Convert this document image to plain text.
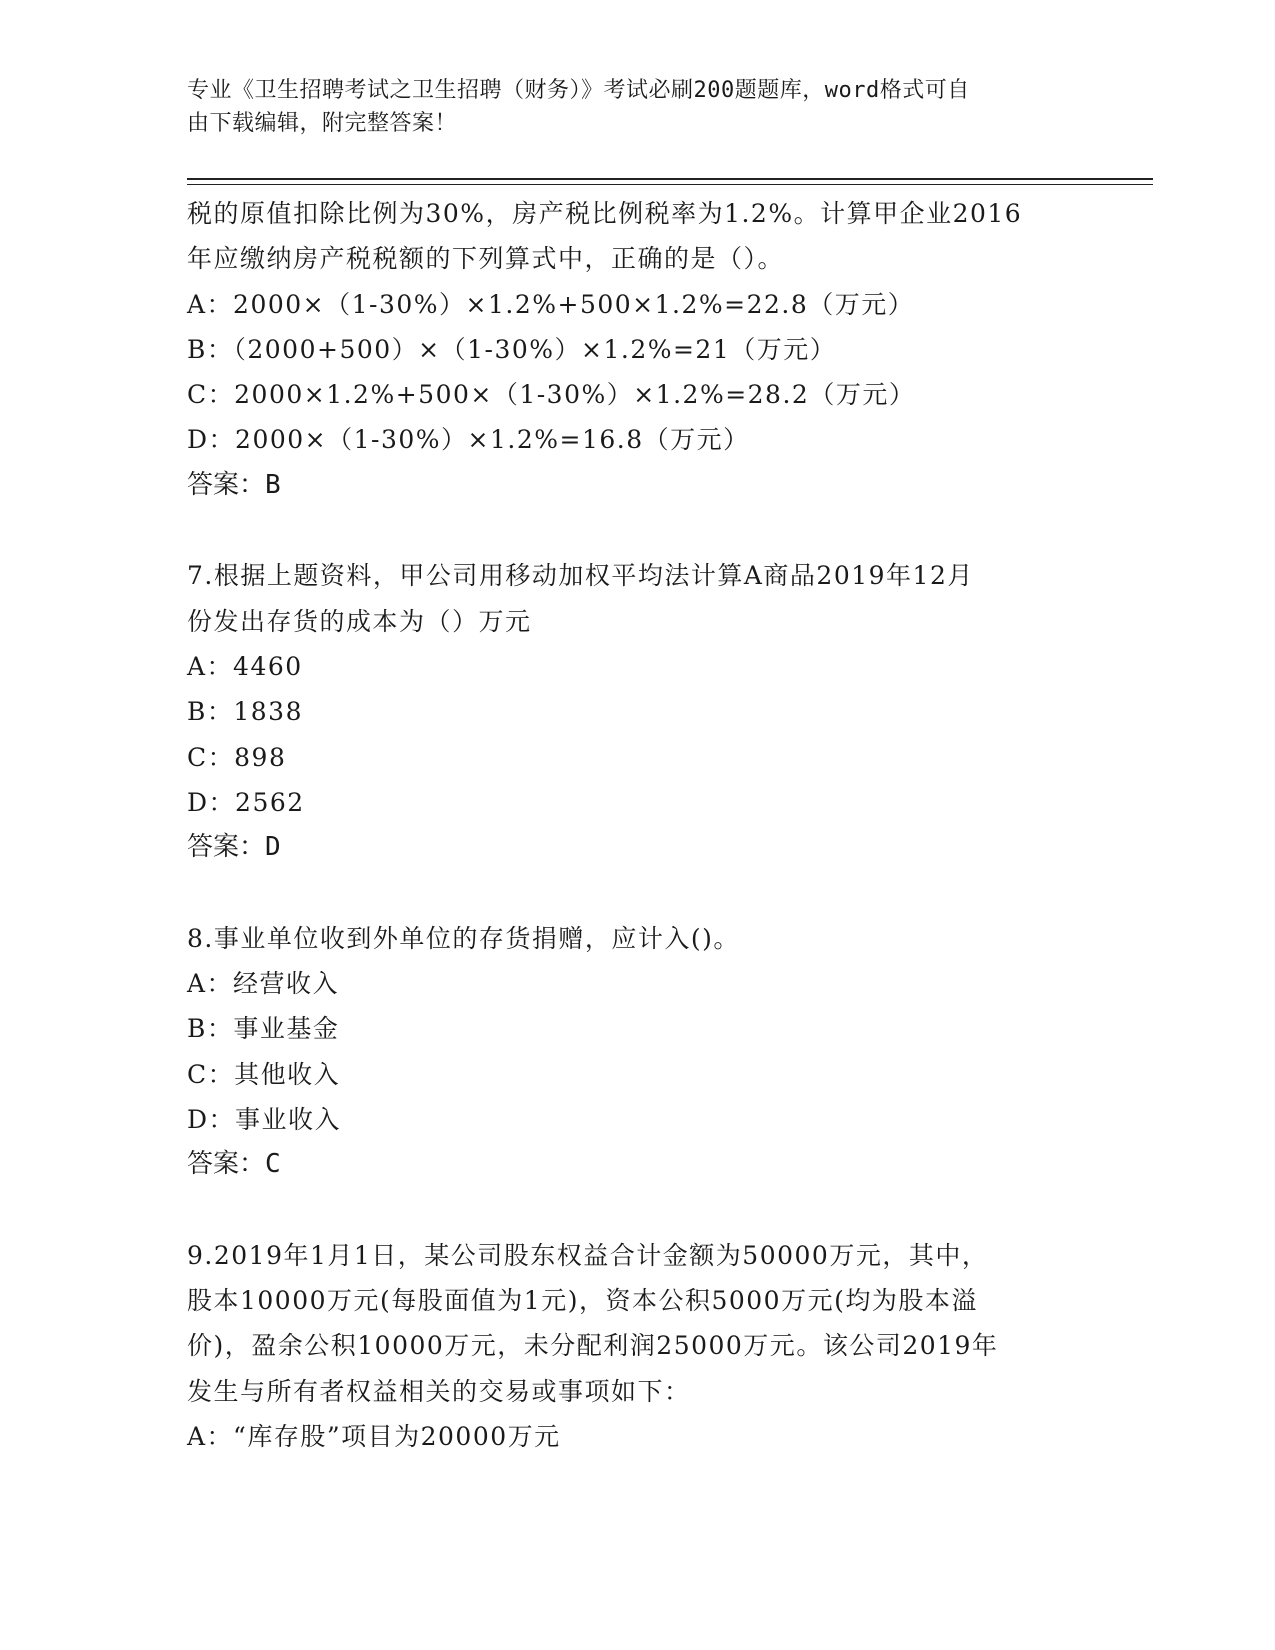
专业《卫生招聘考试之卫生招聘（财务）》考试必刷200题题库，word格式可自
由下载编辑，附完整答案！
税的原值扣除比例为30%，房产税比例税率为1.2%。计算甲企业2016
年应缴纳房产税税额的下列算式中，正确的是（）。
A：2000×（1-30%）×1.2%+500×1.2%=22.8（万元）
B：（2000+500）×（1-30%）×1.2%=21（万元）
C：2000×1.2%+500×（1-30%）×1.2%=28.2（万元）
D：2000×（1-30%）×1.2%=16.8（万元）
答案：B
7.根据上题资料，甲公司用移动加权平均法计算A商品2019年12月
份发出存货的成本为（）万元
A：4460
B：1838
C：898
D：2562
答案：D
8.事业单位收到外单位的存货捐赠，应计入()。
A：经营收入
B：事业基金
C：其他收入
D：事业收入
答案：C
9.2019年1月1日，某公司股东权益合计金额为50000万元，其中，
股本10000万元(每股面值为1元)，资本公积5000万元(均为股本溢
价)，盈余公积10000万元，未分配利润25000万元。该公司2019年
发生与所有者权益相关的交易或事项如下：
A：“库存股”项目为20000万元
